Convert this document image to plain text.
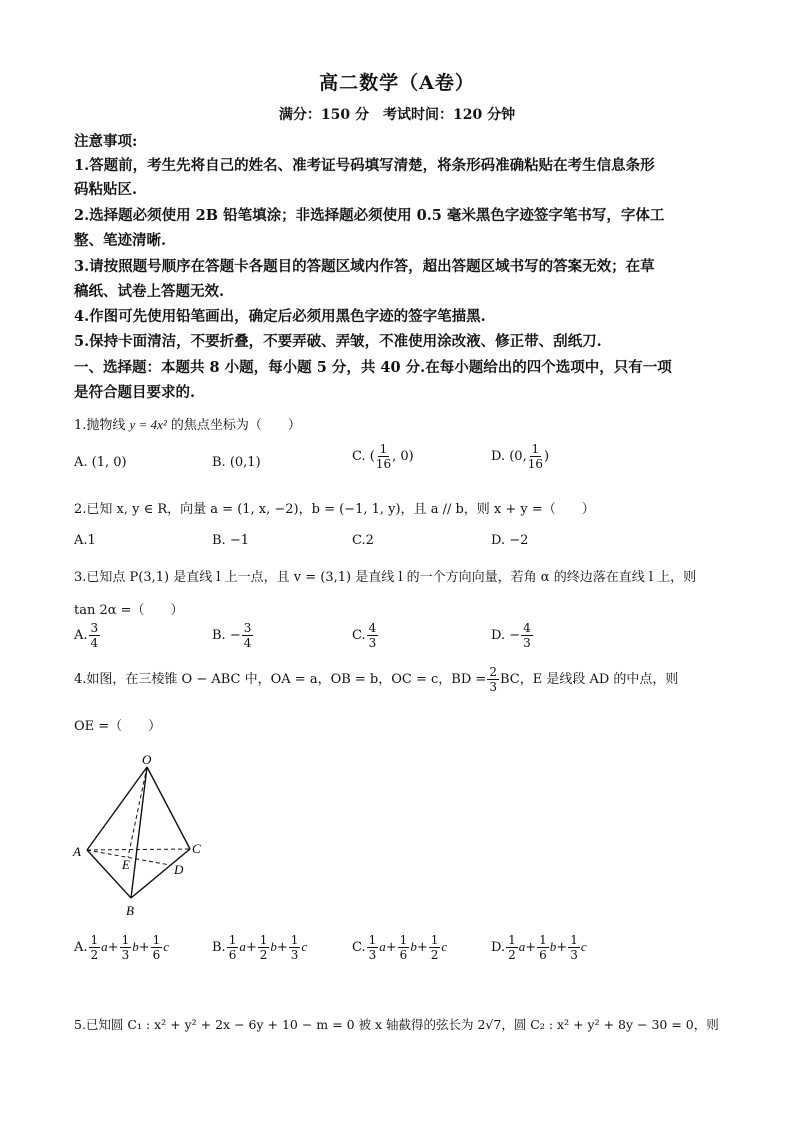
高二数学（A卷）
满分：150 分　考试时间：120 分钟
注意事项:
1.答题前，考生先将自己的姓名、准考证号码填写清楚，将条形码准确粘贴在考生信息条形
码粘贴区.
2.选择题必须使用 2B 铅笔填涂；非选择题必须使用 0.5 毫米黑色字迹签字笔书写，字体工
整、笔迹清晰.
3.请按照题号顺序在答题卡各题目的答题区域内作答，超出答题区域书写的答案无效；在草
稿纸、试卷上答题无效.
4.作图可先使用铅笔画出，确定后必须用黑色字迹的签字笔描黑.
5.保持卡面清洁，不要折叠，不要弄破、弄皱，不准使用涂改液、修正带、刮纸刀.
一、选择题：本题共 8 小题，每小题 5 分，共 40 分.在每小题给出的四个选项中，只有一项
是符合题目要求的.
1.抛物线 y = 4x² 的焦点坐标为（　　）
A. (1, 0)	B. (0,1)	C. ( $\frac{1}{16}$ , 0)	D. (0, $\frac{1}{16}$ )
2.已知 x, y ∈ R，向量 a = (1, x, −2)，b = (−1, 1, y)，且 a // b，则 x + y =（　　）
A.1	B. −1	C.2	D. −2
3.已知点 P(3,1) 是直线 l 上一点，且 v = (3,1) 是直线 l 的一个方向向量，若角 α 的终边落在直线 l 上，则
tan 2α =（　　）
A. $\frac{3}{4}$	B. − $\frac{3}{4}$	C. $\frac{4}{3}$	D. − $\frac{4}{3}$
4.如图，在三棱锥 O − ABC 中，OA = a，OB = b，OC = c，BD = $\frac{2}{3}$ BC，E 是线段 AD 的中点，则
OE =（　　）
O
A	C
D
E
B
A. $\frac{1}{2} a+ \frac{1}{3} b+ \frac{1}{6}$ c	B. $\frac{1}{6} a+ \frac{1}{2} b+ \frac{1}{3}$ c	C. $\frac{1}{3} a+ \frac{1}{6} b+ \frac{1}{2}$ c	D. $\frac{1}{2} a+ \frac{1}{6} b+ \frac{1}{3}$ c
5.已知圆 C₁ : x² + y² + 2x − 6y + 10 − m = 0 被 x 轴截得的弦长为 2√7，圆 C₂ : x² + y² + 8y − 30 = 0，则
